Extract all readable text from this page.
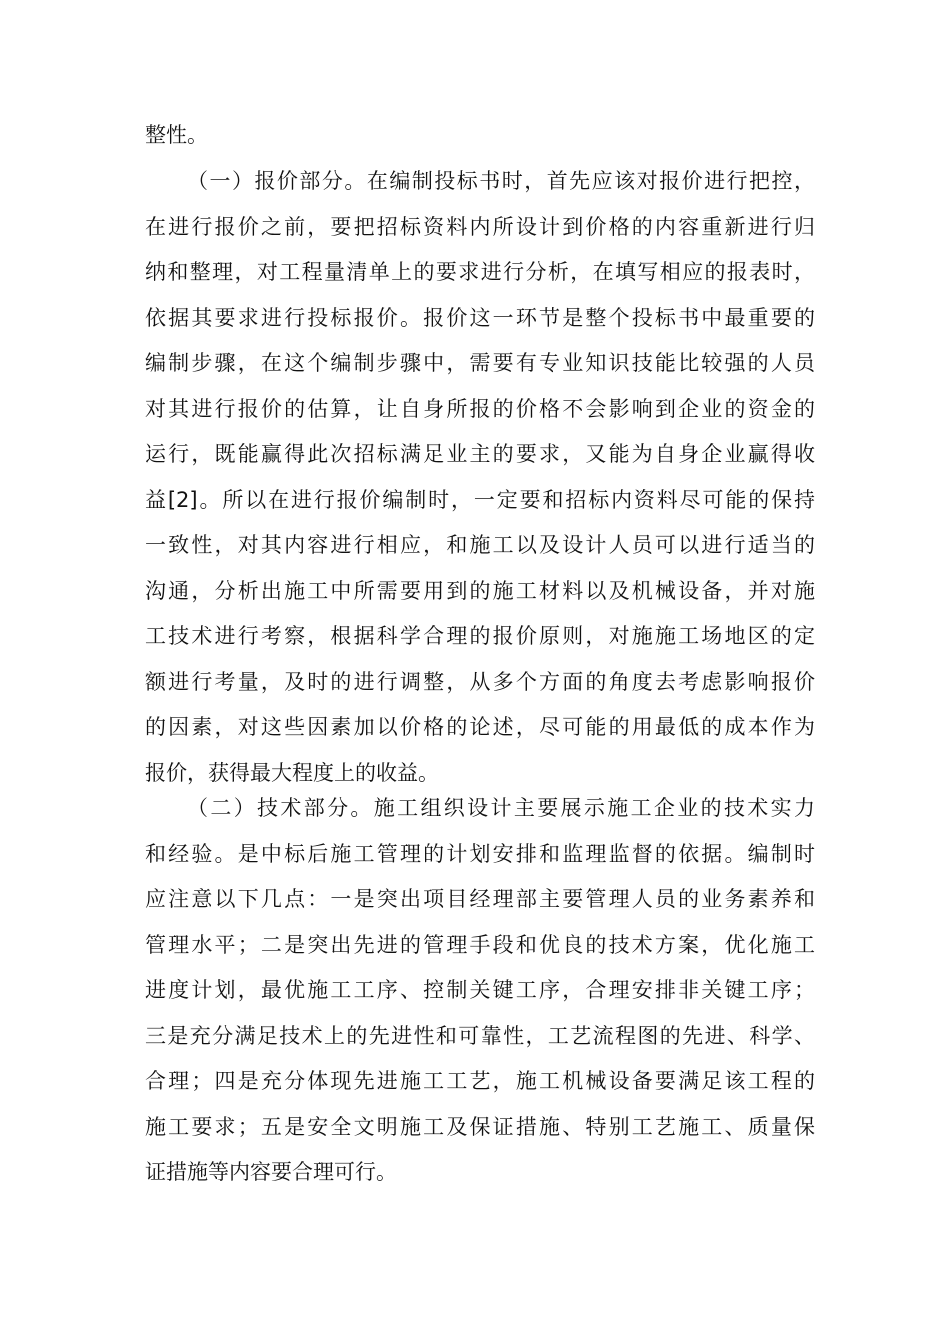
整性。
（一）报价部分。在编制投标书时，首先应该对报价进行把控，
在进行报价之前，要把招标资料内所设计到价格的内容重新进行归
纳和整理，对工程量清单上的要求进行分析，在填写相应的报表时，
依据其要求进行投标报价。报价这一环节是整个投标书中最重要的
编制步骤，在这个编制步骤中，需要有专业知识技能比较强的人员
对其进行报价的估算，让自身所报的价格不会影响到企业的资金的
运行，既能赢得此次招标满足业主的要求，又能为自身企业赢得收
益[2]。所以在进行报价编制时，一定要和招标内资料尽可能的保持
一致性，对其内容进行相应，和施工以及设计人员可以进行适当的
沟通，分析出施工中所需要用到的施工材料以及机械设备，并对施
工技术进行考察，根据科学合理的报价原则，对施施工场地区的定
额进行考量，及时的进行调整，从多个方面的角度去考虑影响报价
的因素，对这些因素加以价格的论述，尽可能的用最低的成本作为
报价，获得最大程度上的收益。
（二）技术部分。施工组织设计主要展示施工企业的技术实力
和经验。是中标后施工管理的计划安排和监理监督的依据。编制时
应注意以下几点：一是突出项目经理部主要管理人员的业务素养和
管理水平；二是突出先进的管理手段和优良的技术方案，优化施工
进度计划，最优施工工序、控制关键工序，合理安排非关键工序；
三是充分满足技术上的先进性和可靠性，工艺流程图的先进、科学、
合理；四是充分体现先进施工工艺，施工机械设备要满足该工程的
施工要求；五是安全文明施工及保证措施、特别工艺施工、质量保
证措施等内容要合理可行。
